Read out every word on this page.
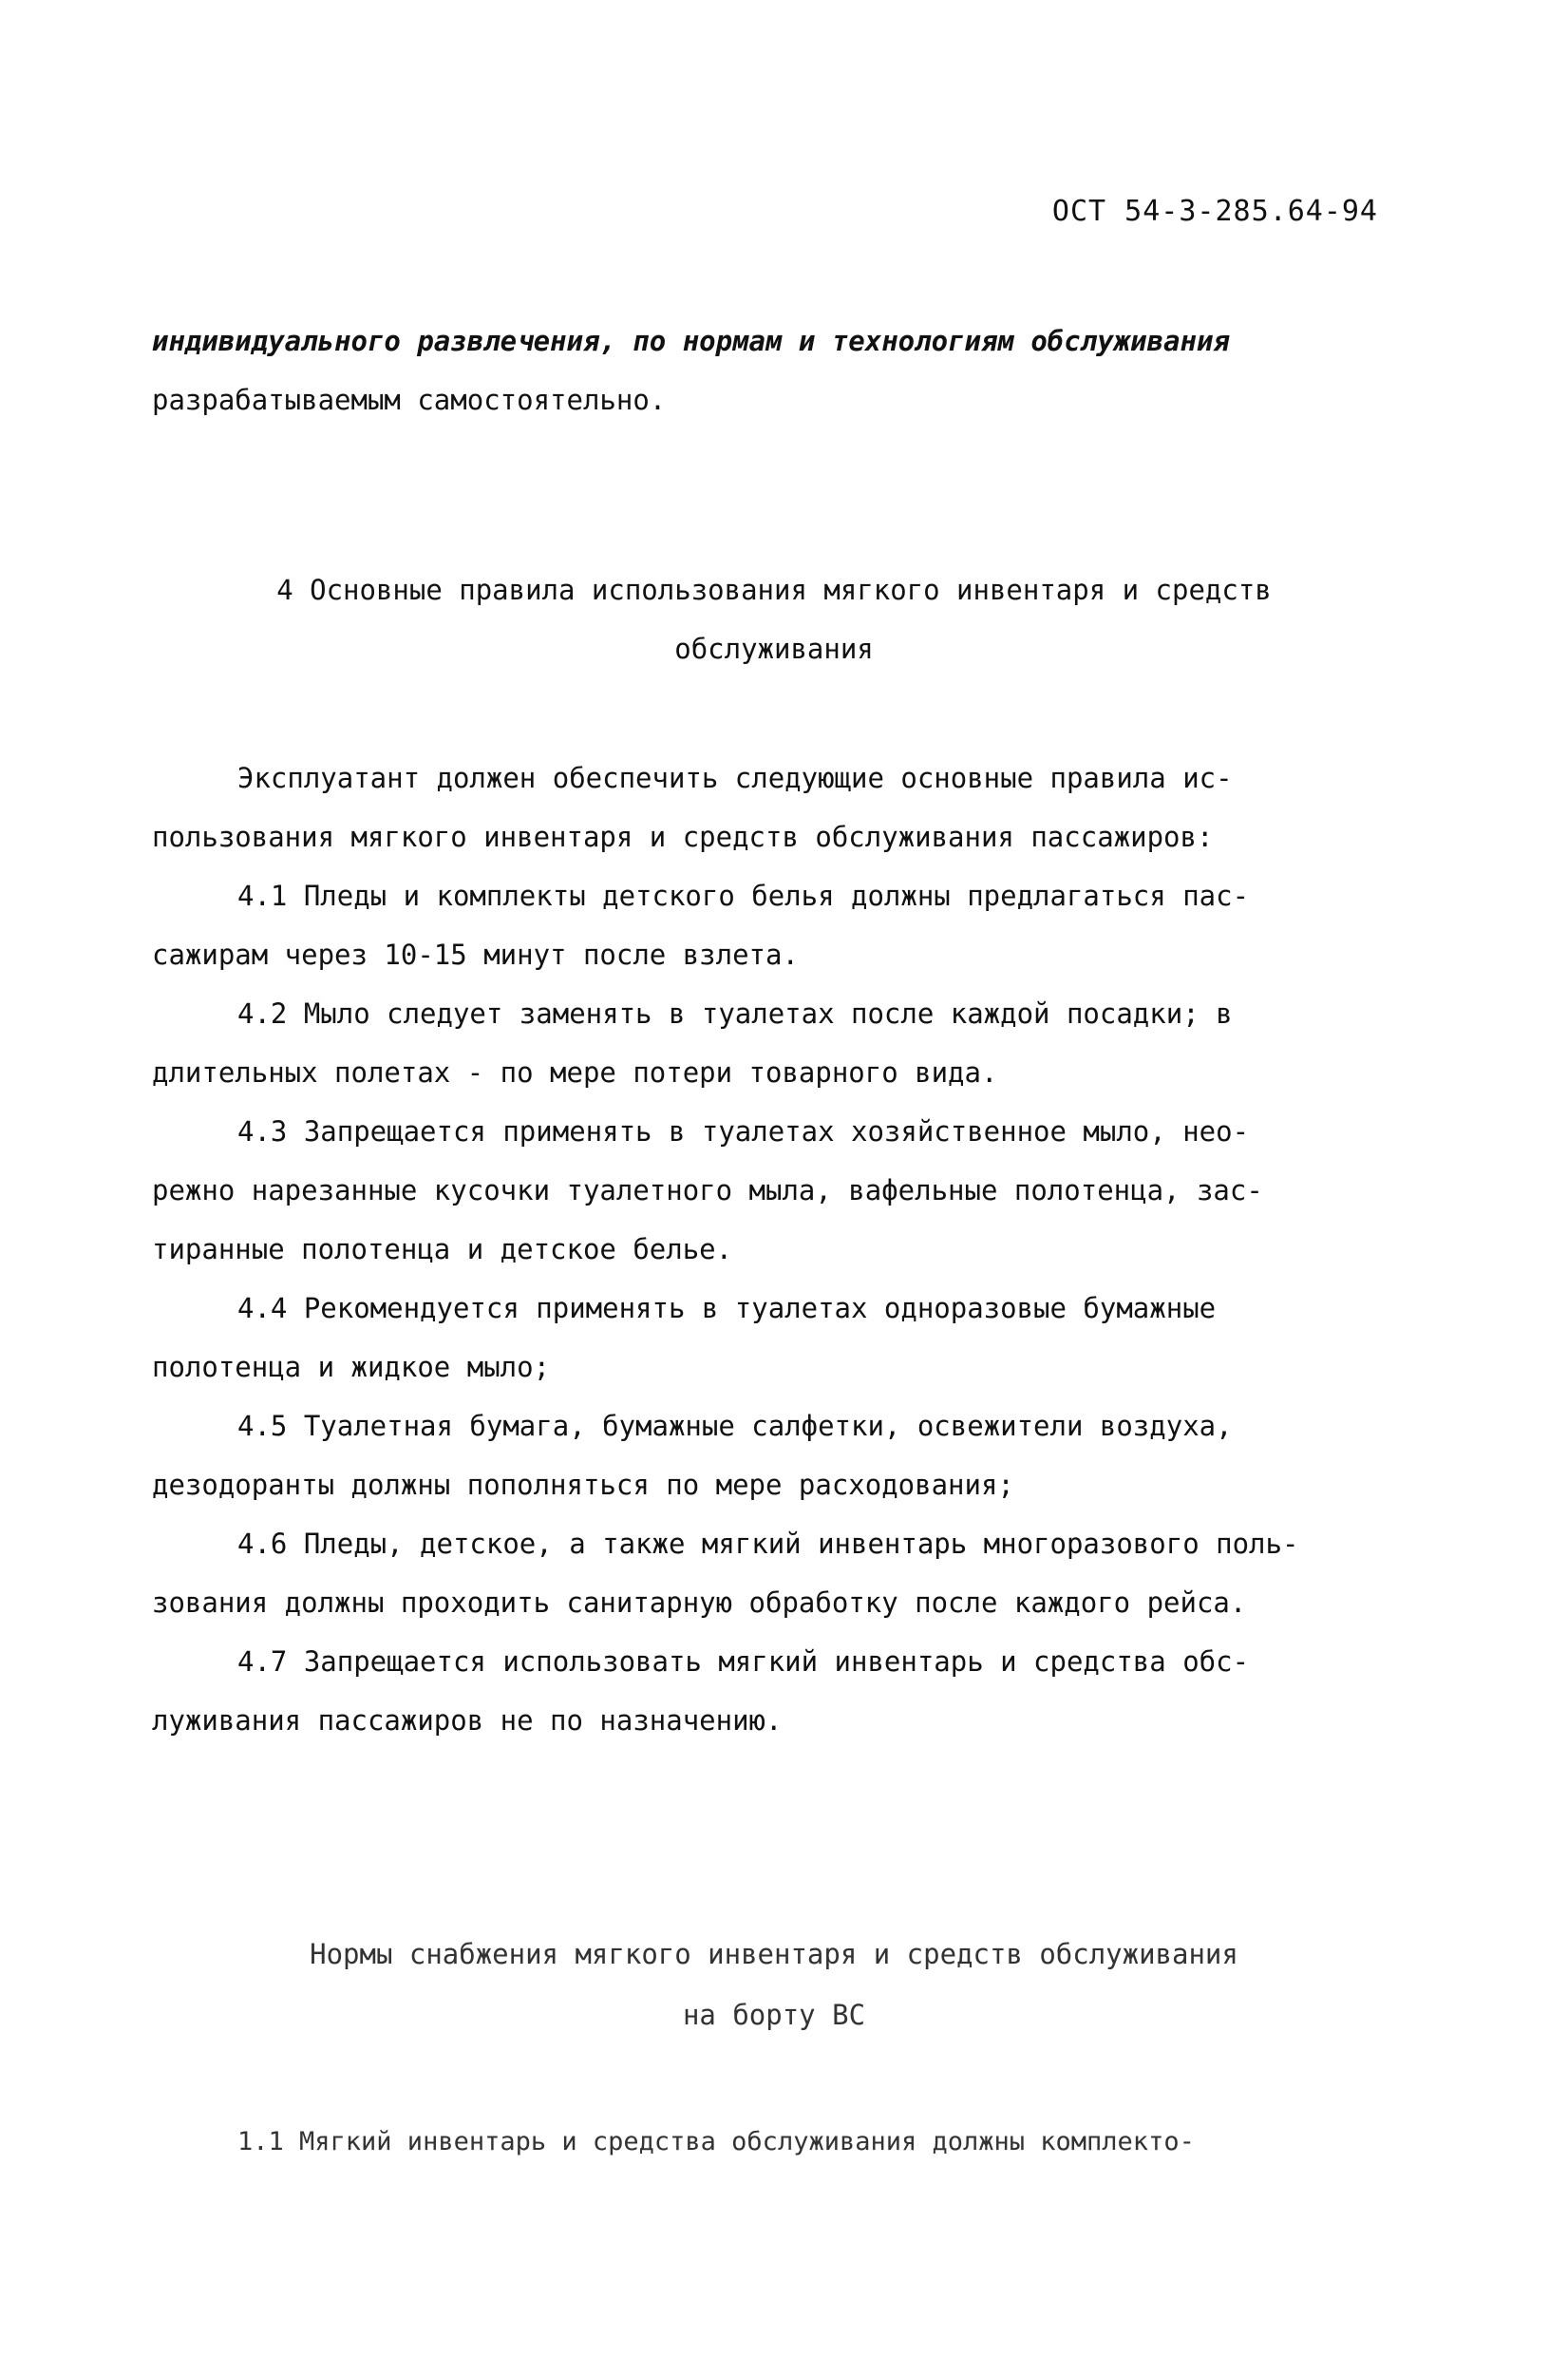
ОСТ 54-3-285.64-94
индивидуального развлечения, по нормам и технологиям обслуживания
разрабатываемым самостоятельно.
4 Основные правила использования мягкого инвентаря и средств
обслуживания
Эксплуатант должен обеспечить следующие основные правила ис-
пользования мягкого инвентаря и средств обслуживания пассажиров:
4.1 Пледы и комплекты детского белья должны предлагаться пас-
сажирам через 10-15 минут после взлета.
4.2 Мыло следует заменять в туалетах после каждой посадки; в
длительных полетах - по мере потери товарного вида.
4.3 Запрещается применять в туалетах хозяйственное мыло, нео-
режно нарезанные кусочки туалетного мыла, вафельные полотенца, зас-
тиранные полотенца и детское белье.
4.4 Рекомендуется применять в туалетах одноразовые бумажные
полотенца и жидкое мыло;
4.5 Туалетная бумага, бумажные салфетки, освежители воздуха,
дезодоранты должны пополняться по мере расходования;
4.6 Пледы, детское, а также мягкий инвентарь многоразового поль-
зования должны проходить санитарную обработку после каждого рейса.
4.7 Запрещается использовать мягкий инвентарь и средства обс-
луживания пассажиров не по назначению.
Нормы снабжения мягкого инвентаря и средств обслуживания
на борту ВС
1.1 Мягкий инвентарь и средства обслуживания должны комплекто-
